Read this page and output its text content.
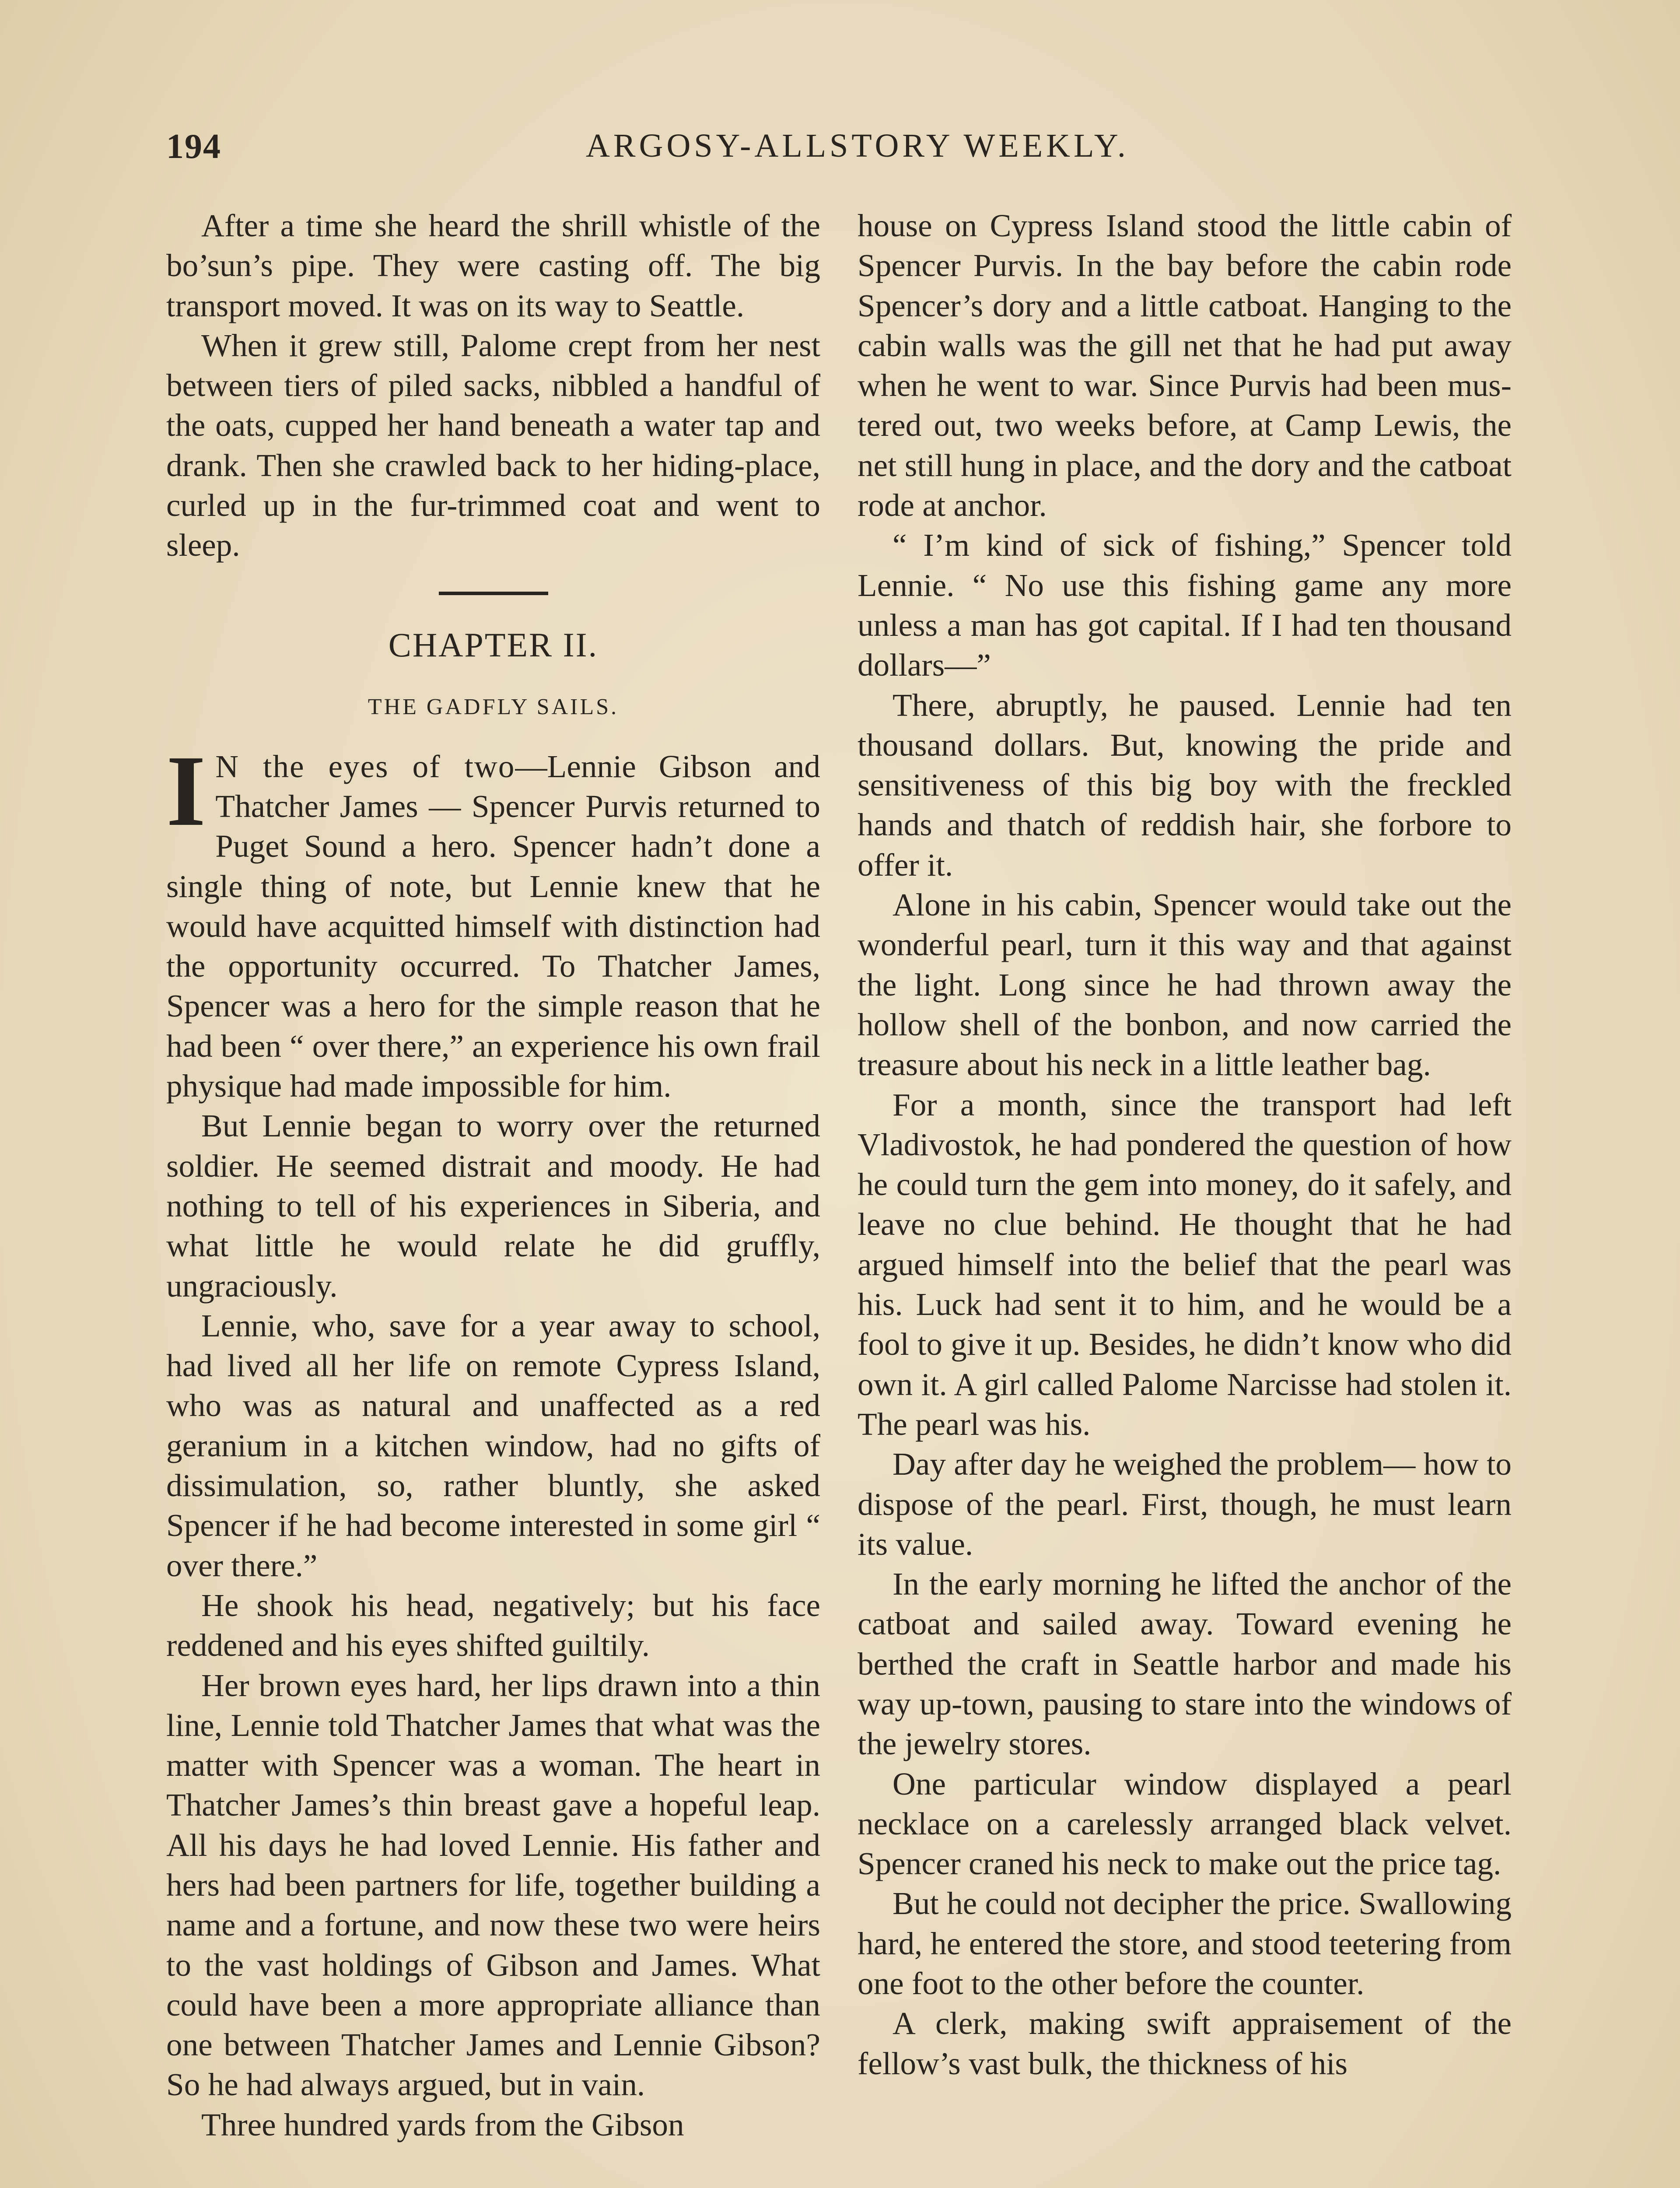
194	ARGOSY-ALLSTORY WEEKLY.

After a time she heard the shrill whistle of the bo’sun’s pipe. They were casting off. The big transport moved. It was on its way to Seattle.

When it grew still, Palome crept from her nest between tiers of piled sacks, nibbled a handful of the oats, cupped her hand beneath a water tap and drank. Then she crawled back to her hiding-place, curled up in the fur-trimmed coat and went to sleep.

CHAPTER II.
THE GADFLY SAILS.

I N the eyes of two—Lennie Gibson and Thatcher James — Spencer Purvis returned to Puget Sound a hero. Spencer hadn’t done a single thing of note, but Lennie knew that he would have acquitted himself with distinction had the opportunity occurred. To Thatcher James, Spencer was a hero for the simple reason that he had been “ over there,” an experience his own frail physique had made impossible for him.

But Lennie began to worry over the returned soldier. He seemed distrait and moody. He had nothing to tell of his experiences in Siberia, and what little he would relate he did gruffly, ungraciously.

Lennie, who, save for a year away to school, had lived all her life on remote Cypress Island, who was as natural and unaffected as a red geranium in a kitchen window, had no gifts of dissimulation, so, rather bluntly, she asked Spencer if he had become interested in some girl “ over there.”

He shook his head, negatively; but his face reddened and his eyes shifted guiltily.

Her brown eyes hard, her lips drawn into a thin line, Lennie told Thatcher James that what was the matter with Spencer was a woman. The heart in Thatcher James’s thin breast gave a hopeful leap. All his days he had loved Lennie. His father and hers had been partners for life, together building a name and a fortune, and now these two were heirs to the vast holdings of Gibson and James. What could have been a more appropriate alliance than one between Thatcher James and Lennie Gibson? So he had always argued, but in vain.

Three hundred yards from the Gibson

house on Cypress Island stood the little cabin of Spencer Purvis. In the bay before the cabin rode Spencer’s dory and a little catboat. Hanging to the cabin walls was the gill net that he had put away when he went to war. Since Purvis had been mustered out, two weeks before, at Camp Lewis, the net still hung in place, and the dory and the catboat rode at anchor.

“ I’m kind of sick of fishing,” Spencer told Lennie. “ No use this fishing game any more unless a man has got capital. If I had ten thousand dollars—”

There, abruptly, he paused. Lennie had ten thousand dollars. But, knowing the pride and sensitiveness of this big boy with the freckled hands and thatch of reddish hair, she forbore to offer it.

Alone in his cabin, Spencer would take out the wonderful pearl, turn it this way and that against the light. Long since he had thrown away the hollow shell of the bonbon, and now carried the treasure about his neck in a little leather bag.

For a month, since the transport had left Vladivostok, he had pondered the question of how he could turn the gem into money, do it safely, and leave no clue behind. He thought that he had argued himself into the belief that the pearl was his. Luck had sent it to him, and he would be a fool to give it up. Besides, he didn’t know who did own it. A girl called Palome Narcisse had stolen it. The pearl was his.

Day after day he weighed the problem— how to dispose of the pearl. First, though, he must learn its value.

In the early morning he lifted the anchor of the catboat and sailed away. Toward evening he berthed the craft in Seattle harbor and made his way up-town, pausing to stare into the windows of the jewelry stores.

One particular window displayed a pearl necklace on a carelessly arranged black velvet. Spencer craned his neck to make out the price tag.

But he could not decipher the price. Swallowing hard, he entered the store, and stood teetering from one foot to the other before the counter.

A clerk, making swift appraisement of the fellow’s vast bulk, the thickness of his
